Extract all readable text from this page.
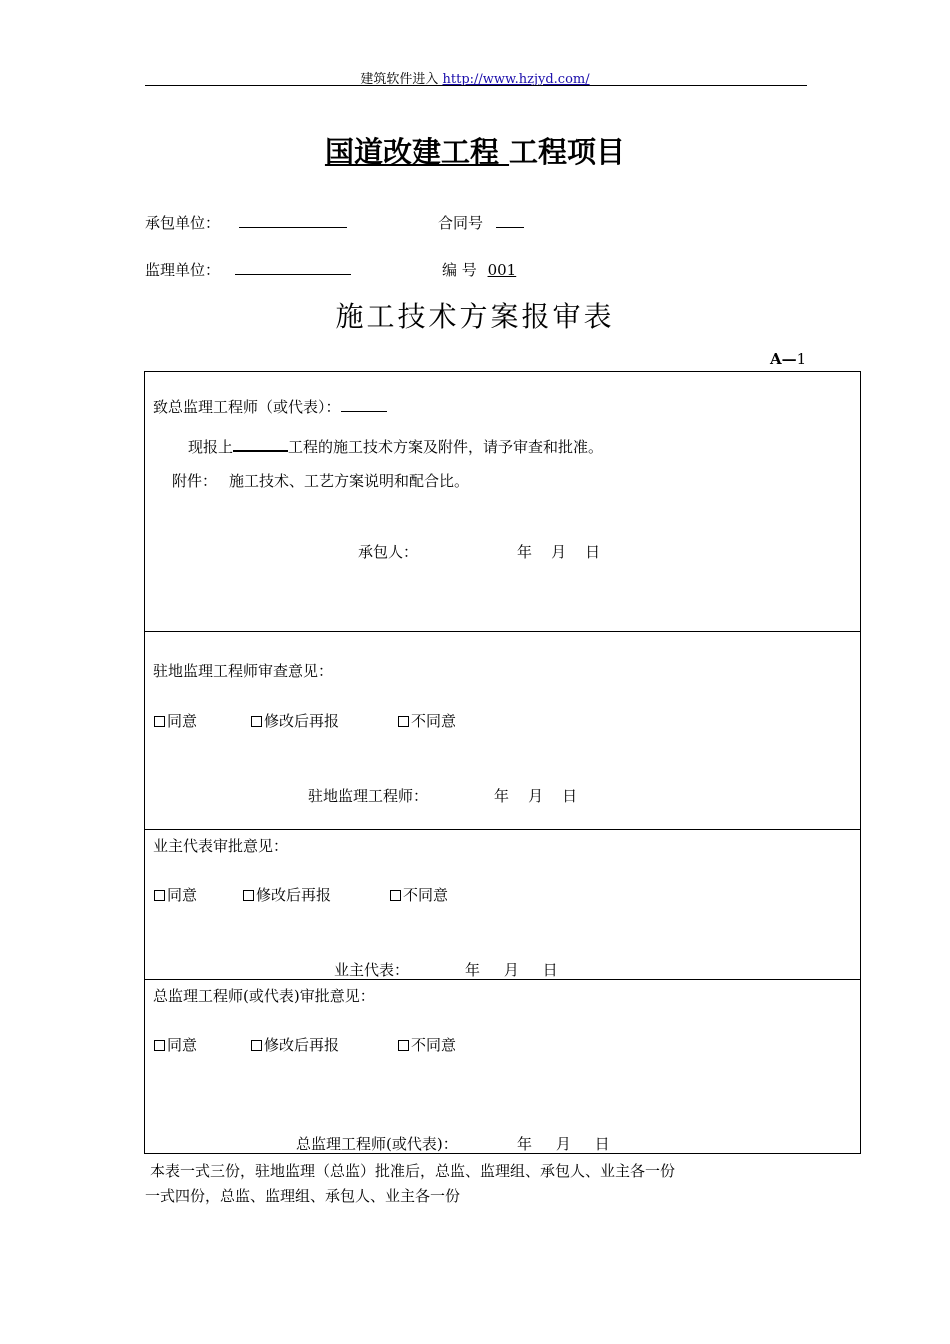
建筑软件进入 http://www.hzjyd.com/
国道改建工程 工程项目
承包单位：	合同号
监理单位：	编 号 001
施工技术方案报审表
A—1
致总监理工程师（或代表）：
现报上	工程的施工技术方案及附件，请予审查和批准。
附件： 施工技术、工艺方案说明和配合比。
承包人：	年    月    日
驻地监理工程师审查意见：
同意	修改后再报	不同意
驻地监理工程师：	年    月    日
业主代表审批意见：
同意	修改后再报	不同意
业主代表：	年     月     日
总监理工程师(或代表)审批意见：
同意	修改后再报	不同意
总监理工程师(或代表)：	年     月     日
本表一式三份，驻地监理（总监）批准后，总监、监理组、承包人、业主各一份
一式四份，总监、监理组、承包人、业主各一份
